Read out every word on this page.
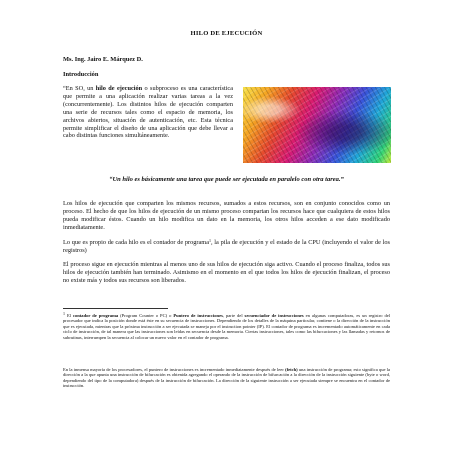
HILO DE EJECUCIÓN
Ms. Ing. Jairo E. Márquez D.
Introducción
“En SO, un hilo de ejecución o subproceso es una característica que permite a una aplicación realizar varias tareas a la vez (concurrentemente). Los distintos hilos de ejecución comparten una serie de recursos tales como el espacio de memoria, los archivos abiertos, situación de autenticación, etc. Esta técnica permite simplificar el diseño de una aplicación que debe llevar a cabo distintas funciones simultáneamente.
“Un hilo es básicamente una tarea que puede ser ejecutada en paralelo con otra tarea.”
Los hilos de ejecución que comparten los mismos recursos, sumados a estos recursos, son en conjunto conocidos como un proceso. El hecho de que los hilos de ejecución de un mismo proceso compartan los recursos hace que cualquiera de estos hilos pueda modificar éstos. Cuando un hilo modifica un dato en la memoria, los otros hilos acceden a ese dato modificado inmediatamente.
Lo que es propio de cada hilo es el contador de programa$^1$, la pila de ejecución y el estado de la CPU (incluyendo el valor de los registros)
El proceso sigue en ejecución mientras al menos uno de sus hilos de ejecución siga activo. Cuando el proceso finaliza, todos sus hilos de ejecución también han terminado. Asimismo en el momento en el que todos los hilos de ejecución finalizan, el proceso no existe más y todos sus recursos son liberados.
$^1$ El contador de programa (Program Counter o PC) o Puntero de instrucciones, parte del secuenciador de instrucciones en algunas computadoras, es un registro del procesador que indica la posición donde está éste en su secuencia de instrucciones. Dependiendo de los detalles de la máquina particular, contiene o la dirección de la instrucción que es ejecutada, mientras que la próxima instrucción a ser ejecutada se maneja por el instruction pointer (IP). El contador de programa es incrementado automáticamente en cada ciclo de instrucción, de tal manera que las instrucciones son leídas en secuencia desde la memoria. Ciertas instrucciones, tales como las bifurcaciones y las llamadas y retornos de subrutinas, interrumpen la secuencia al colocar un nuevo valor en el contador de programa.
En la inmensa mayoría de los procesadores, el puntero de instrucciones es incrementado inmediatamente después de leer (fetch) una instrucción de programa; esto significa que la dirección a la que apunta una instrucción de bifurcación es obtenida agregando el operando de la instrucción de bifurcación a la dirección de la instrucción siguiente (byte o word, dependiendo del tipo de la computadora) después de la instrucción de bifurcación. La dirección de la siguiente instrucción a ser ejecutada siempre se encuentra en el contador de instrucción.
